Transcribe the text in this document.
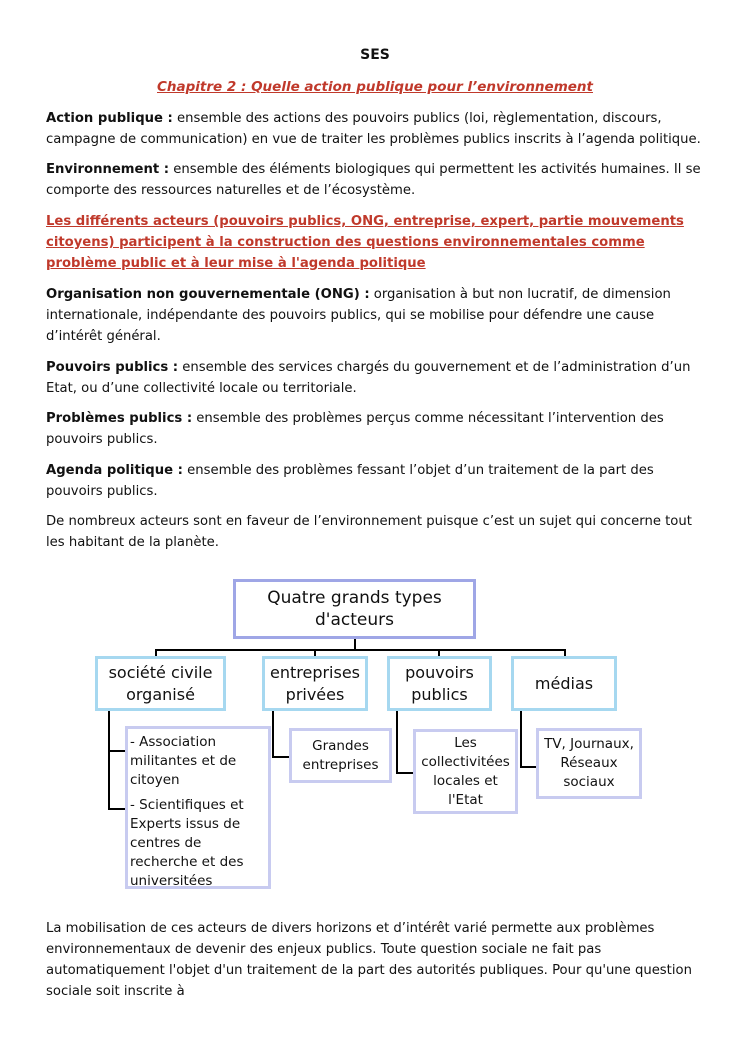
SES
Chapitre 2 : Quelle action publique pour l’environnement

Action publique : ensemble des actions des pouvoirs publics (loi, règlementation, discours, campagne de communication) en vue de traiter les problèmes publics inscrits à l’agenda politique.

Environnement : ensemble des éléments biologiques qui permettent les activités humaines. Il se comporte des ressources naturelles et de l’écosystème.

Les différents acteurs (pouvoirs publics, ONG, entreprise, expert, partie mouvements citoyens) participent à la construction des questions environnementales comme problème public et à leur mise à l'agenda politique

Organisation non gouvernementale (ONG) : organisation à but non lucratif, de dimension internationale, indépendante des pouvoirs publics, qui se mobilise pour défendre une cause d’intérêt général.

Pouvoirs publics : ensemble des services chargés du gouvernement et de l’administration d’un Etat, ou d’une collectivité locale ou territoriale.

Problèmes publics : ensemble des problèmes perçus comme nécessitant l’intervention des pouvoirs publics.

Agenda politique : ensemble des problèmes fessant l’objet d’un traitement de la part des pouvoirs publics.

De nombreux acteurs sont en faveur de l’environnement puisque c’est un sujet qui concerne tout les habitant de la planète.

Quatre grands types d'acteurs
société civile organisé
entreprises privées
pouvoirs publics
médias
- Association militantes et de citoyen
- Scientifiques et Experts issus de centres de recherche et des universitées
Grandes entreprises
Les collectivitées locales et l'Etat
TV, Journaux, Réseaux sociaux

La mobilisation de ces acteurs de divers horizons et d’intérêt varié permette aux problèmes environnementaux de devenir des enjeux publics. Toute question sociale ne fait pas automatiquement l'objet d'un traitement de la part des autorités publiques. Pour qu'une question sociale soit inscrite à
